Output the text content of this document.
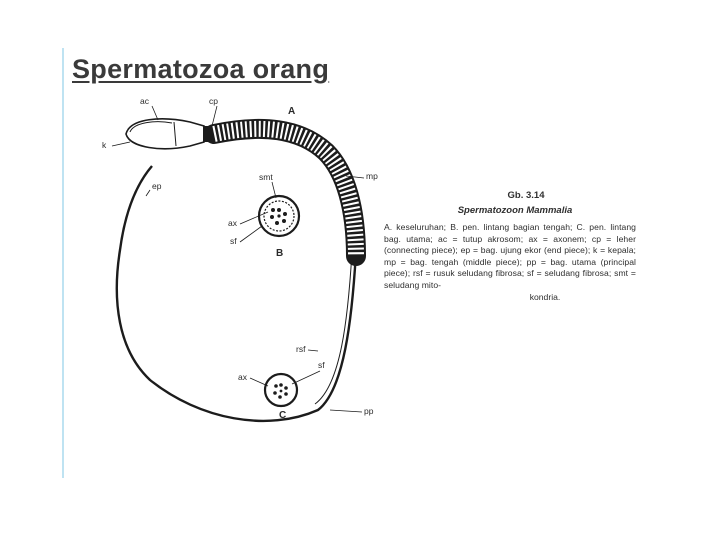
Spermatozoa orang
ac	cp
A
k
ep
smt	mp
ax
sf
B
rsf
sf
ax
C	pp
Gb. 3.14
Spermatozoon Mammalia
A. keseluruhan; B. pen. lintang bagian tengah; C. pen. lintang bag. utama; ac = tutup akrosom; ax = axonem; cp = leher (connecting piece); ep = bag. ujung ekor (end piece); k = kepala; mp = bag. tengah (middle piece); pp = bag. utama (principal piece); rsf = rusuk seludang fibrosa; sf = seludang fibrosa; smt = seludang mito-
kondria.
